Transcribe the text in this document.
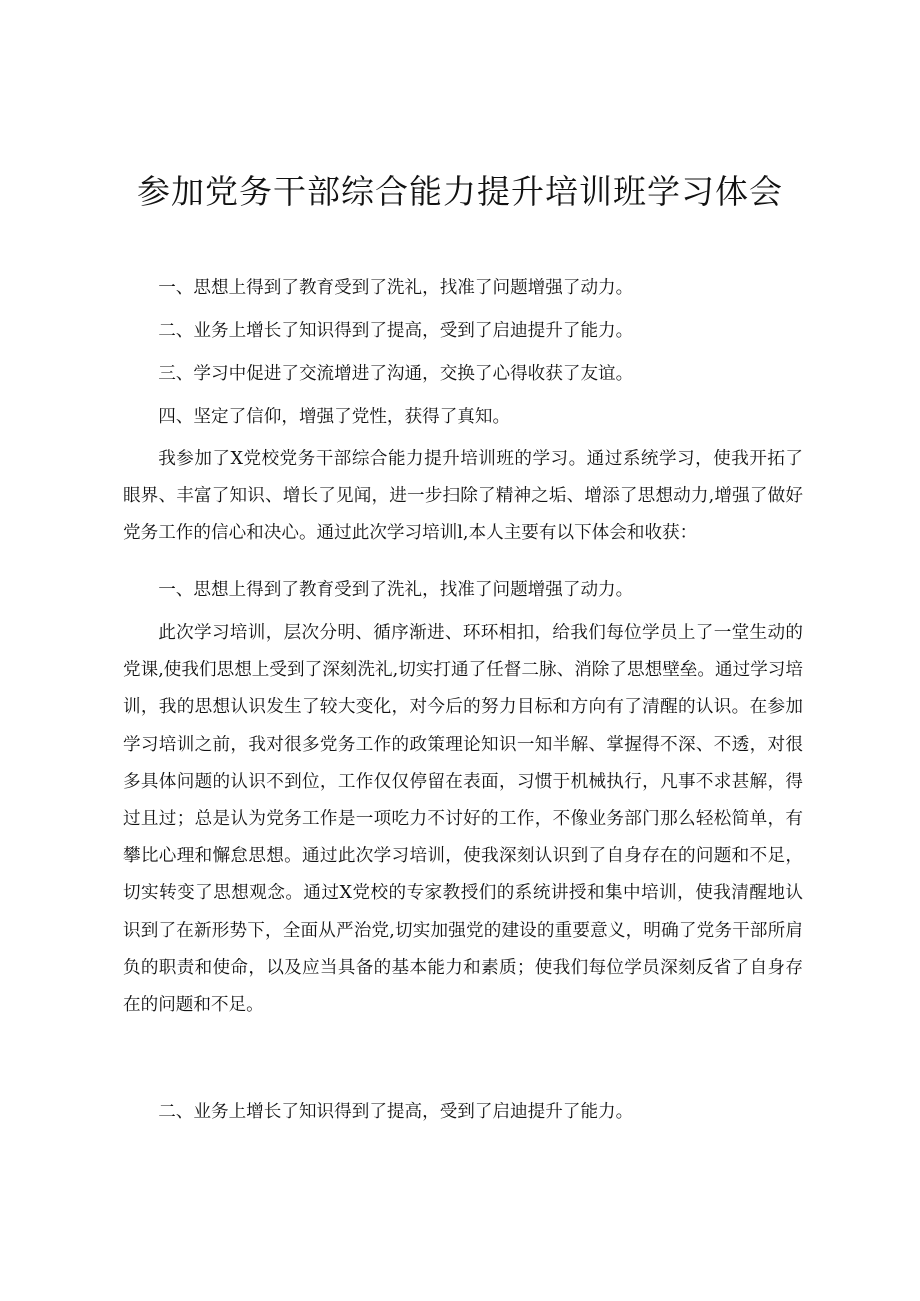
参加党务干部综合能力提升培训班学习体会

一、思想上得到了教育受到了洗礼，找准了问题增强了动力。

二、业务上增长了知识得到了提高，受到了启迪提升了能力。

三、学习中促进了交流增进了沟通，交换了心得收获了友谊。

四、坚定了信仰，增强了党性，获得了真知。

我参加了X党校党务干部综合能力提升培训班的学习。通过系统学习，使我开拓了眼界、丰富了知识、增长了见闻，进一步扫除了精神之垢、增添了思想动力,增强了做好党务工作的信心和决心。通过此次学习培训l,本人主要有以下体会和收获：

一、思想上得到了教育受到了洗礼，找准了问题增强了动力。

此次学习培训，层次分明、循序渐进、环环相扣，给我们每位学员上了一堂生动的党课,使我们思想上受到了深刻洗礼,切实打通了任督二脉、消除了思想壁垒。通过学习培训，我的思想认识发生了较大变化，对今后的努力目标和方向有了清醒的认识。在参加学习培训之前，我对很多党务工作的政策理论知识一知半解、掌握得不深、不透，对很多具体问题的认识不到位，工作仅仅停留在表面，习惯于机械执行，凡事不求甚解，得过且过；总是认为党务工作是一项吃力不讨好的工作，不像业务部门那么轻松简单，有攀比心理和懈怠思想。通过此次学习培训，使我深刻认识到了自身存在的问题和不足，切实转变了思想观念。通过X党校的专家教授们的系统讲授和集中培训，使我清醒地认识到了在新形势下，全面从严治党,切实加强党的建设的重要意义，明确了党务干部所肩负的职责和使命，以及应当具备的基本能力和素质；使我们每位学员深刻反省了自身存在的问题和不足。

二、业务上增长了知识得到了提高，受到了启迪提升了能力。
